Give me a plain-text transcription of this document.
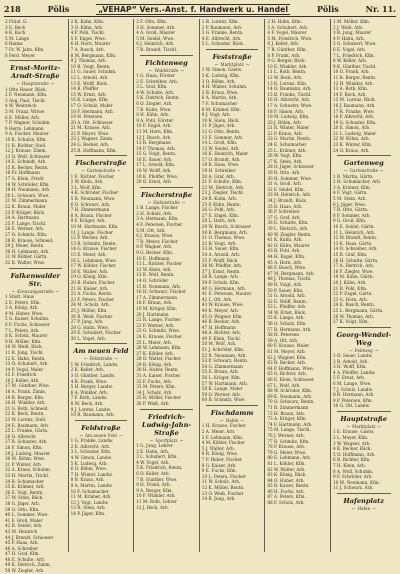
218	Pölis	„VEHAP“ Vers.-Anst. f. Handwerk u. Handel	Pölis	Nr. 11.
2 Fräul. G.
3 E. Beck
4 K. Koch
5 M. Lange
6 Hanns
7 Fr. W. Jahn, Kfm.
8 Ferd. Meyer
Ernst-Moritz-Arndt-Straße
← Hauptstraße →
1 Otto Hauer, Bäck.
2 F. Neumann, Kfm.
3 Aug. Paul, Tischl.
4 W. Weinreich
5 M. Franz, Witwe
6 E. Müller, Arb.
7 P. Wagner, Schuhm.
8 Herm. Lehmann
9 A. Fischer, Maurer
10 K. Schulze, Kfm.
11 B. Richter, Stell.
12 J. Krause, Zimm.
13 O. Wolf, Schlosser
14 E. Schmidt, Arb.
15 R. Becker, Rentn.
16 Fr. Hoffmann
17 G. Klein, Frisör
18 W. Schröder, Kfm.
19 H. Neumann, Arb.
20 L. Schwarz, Wwe.
21 M. Zimmermann
22 K. Braun, Maler
23 P. Krüger, Bäck.
24 A. Hartmann
25 F. Lange, Tischl.
26 E. Werner, Arb.
27 O. Schmitz, Kfm.
28 R. Krause, Schneid.
29 J. Meier, Rentn.
30 H. Lehmann, Arb.
31 W. Köhler, Gärtn.
32 B. Walter, Wwe.
Falkenwalder Str.
← Kreuzungsstraße →
1 Städt. Haus
2 E. Peters, Kfm.
3 A. König, Arb.
4 M. Huber, Wwe.
5 G. Kaiser, Schuhm.
6 F. Fuchs, Schlosser
7 L. Peters, Arb.
8 K. Scholz, Maurer
9 H. Möller, Kfm.
10 W. Weiß, Bäck.
11 R. Jung, Tischl.
12 E. Hahn, Rentn.
13 O. Schubert, Arb.
14 P. Vogel, Maler
15 F. Friedrich
16 J. Keller, Arb.
17 M. Günther, Wwe.
18 A. Frank, Zimm.
19 B. Berger, Kfm.
20 H. Winkler, Arb.
21 G. Roth, Schneid.
22 K. Beck, Rentn.
23 W. Lorenz, Stell.
24 E. Baumann, Arb.
25 L. Franke, Gärtn.
26 O. Albrecht
27 R. Schuster, Arb.
28 F. Simon, Kfm.
29 J. Ludwig, Maurer
30 M. Böhm, Wwe.
31 P. Winter, Arb.
32 A. Kraus, Schuhm.
33 H. Martin, Tischl.
34 B. Schumacher
35 K. Krämer, Arb.
36 E. Vogt, Rentn.
37 W. Stein, Bäck.
38 G. Jäger, Arb.
39 O. Otto, Kfm.
40 L. Sommer, Wwe.
41 F. Groß, Maler
42 R. Seidel, Arb.
43 M. Heinrich
44 J. Brandt, Schlosser
45 P. Haas, Arb.
46 A. Schreiber
47 H. Graf, Kfm.
48 E. Schulte, Arb.
49 K. Dietrich, Zimm.
50 W. Ziegler, Arb.
2 K. Kuhn, Kfm.
3 O. Kühn, Arb.
4 P. Pohl, Tischl.
5 F. Engel, Wwe.
6 H. Horn, Maurer
7 A. Busch, Arb.
8 M. Bergmann, Kfm.
9 J. Thomas, Arb.
10 R. Voigt, Rentn.
11 G. Sauer, Schuhm.
12 L. Arnold, Arb.
13 E. Wolff, Bäck.
14 B. Pfeiffer
15 W. Ernst, Arb.
16 K. Lange, Kfm.
17 O. Schulz, Maler
18 F. Hermann, Arb.
19 H. Petersen
20 A. Ott, Schlosser
21 M. Krause, Arb.
22 P. Meyer, Wwe.
23 J. Wagner, Zimm.
24 G. Becker, Arb.
25 R. Hoffmann, Kfm.
Fischerstraße
← Gartenstraße →
1 E. Richter, Fischer
2 W. Klein, Arb.
3 L. Wolf, Kfm.
4 K. Schröder, Fischer
5 B. Neumann, Wwe.
6 O. Schwarz, Arb.
7 H. Zimmermann
8 A. Braun, Fischer
9 F. Krüger, Arb.
10 M. Hartmann, Kfm.
11 J. Lange, Fischer
12 P. Werner, Arb.
13 R. Schmitz, Rentn.
14 G. Krause, Fischer
15 E. Meier, Arb.
16 L. Lehmann, Wwe.
17 W. Köhler, Fischer
18 K. Walter, Arb.
19 O. König, Kfm.
20 B. Huber, Fischer
21 H. Kaiser, Arb.
22 A. Fuchs, Rentn.
23 F. Peters, Fischer
24 M. Scholz, Arb.
25 J. Möller, Kfm.
26 R. Weiß, Fischer
27 P. Jung, Arb.
28 G. Hahn, Wwe.
29 E. Schubert, Fischer
30 L. Vogel, Arb.
Am neuen Feld
← Feldstraße →
1 W. Friedrich, Landw.
2 K. Keller, Arb.
3 O. Günther, Landw.
4 B. Frank, Wwe.
5 H. Berger, Landw.
6 A. Winkler, Arb.
7 F. Roth, Landw.
8 M. Beck, Arb.
9 J. Lorenz, Landw.
10 R. Baumann, Arb.
Feldstraße
← Am neuen Feld →
1 G. Franke, Landw.
2 E. Albrecht, Arb.
3 L. Schuster, Kfm.
4 W. Simon, Landw.
5 K. Ludwig, Arb.
6 O. Böhm, Wwe.
7 H. Winter, Landw.
8 B. Kraus, Arb.
9 A. Martin, Landw.
10 F. Schumacher
11 M. Krämer, Arb.
12 J. Vogt, Landw.
13 R. Stein, Arb.
14 P. Jäger, Kfm.
2 F. Otto, Kfm.
3 H. Sommer, Arb.
4 A. Groß, Maurer
5 M. Seidel, Wwe.
6 J. Heinrich, Arb.
7 R. Brandt, Tischl.
Fichtenweg
← Waldstraße →
1 G. Haas, Förster
2 E. Schreiber, Arb.
3 L. Graf, Kfm.
4 W. Schulte, Arb.
5 K. Dietrich, Rentn.
6 O. Ziegler, Arb.
7 B. Kuhn, Wwe.
8 H. Kühn, Arb.
9 A. Pohl, Förster
10 F. Engel, Arb.
11 M. Horn, Kfm.
12 J. Busch, Arb.
13 R. Bergmann
14 P. Thomas, Arb.
15 G. Voigt, Rentn.
16 E. Sauer, Arb.
17 L. Arnold, Kfm.
18 W. Wolff, Arb.
19 K. Pfeiffer, Wwe.
20 O. Ernst, Arb.
Fischerstraße
← Hafenstraße →
1 B. Lange, Fischer
2 H. Schulz, Arb.
3 A. Hermann, Kfm.
4 F. Petersen, Fischer
5 M. Ott, Arb.
6 J. Krause, Wwe.
7 R. Meyer, Fischer
8 P. Wagner, Arb.
9 G. Becker, Kfm.
10 E. Hoffmann
11 L. Richter, Fischer
12 W. Klein, Arb.
13 K. Wolf, Rentn.
14 O. Schröder
15 B. Neumann, Arb.
16 H. Schwarz, Fischer
17 A. Zimmermann
18 F. Braun, Arb.
19 M. Krüger, Kfm.
20 J. Hartmann
21 R. Lange, Fischer
22 P. Werner, Arb.
23 G. Schmitz, Wwe.
24 E. Krause, Fischer
25 L. Meier, Arb.
26 W. Lehmann, Kfm.
27 K. Köhler, Arb.
28 O. Walter, Fischer
29 B. König, Arb.
30 H. Huber, Rentn.
31 A. Kaiser, Fischer
32 F. Fuchs, Arb.
33 M. Peters, Kfm.
34 J. Scholz, Arb.
35 R. Möller, Fischer
36 P. Weiß, Arb.
Friedrich-Ludwig-Jahn-Straße
← Sportplatz →
1 G. Jung, Lehrer
2 E. Hahn, Arb.
3 L. Schubert, Kfm.
4 W. Vogel, Arb.
5 K. Friedrich, Rentn.
6 O. Keller, Arb.
7 B. Günther, Wwe.
8 H. Frank, Arb.
9 A. Berger, Kfm.
10 F. Winkler, Arb.
11 M. Roth, Lehrer
12 J. Beck, Arb.
1 R. Lorenz, Kfm.
2 P. Baumann, Arb.
3 G. Franke, Rentn.
4 E. Albrecht, Arb.
5 L. Schuster, Bäck.
Feststraße
← Marktplatz →
1 W. Simon, Gastw.
2 K. Ludwig, Kfm.
3 O. Böhm, Arb.
4 H. Winter, Schuhm.
5 B. Kraus, Wwe.
6 A. Martin, Arb.
7 F. Schumacher
8 M. Krämer, Kfm.
9 J. Vogt, Arb.
10 R. Stein, Bäck.
11 P. Jäger, Arb.
12 G. Otto, Rentn.
13 E. Sommer, Arb.
14 L. Groß, Kfm.
15 W. Seidel, Arb.
16 K. Heinrich, Maler
17 O. Brandt, Arb.
18 B. Haas, Wwe.
19 H. Schreiber
20 A. Graf, Arb.
21 F. Schulte, Kfm.
22 M. Dietrich, Arb.
23 J. Ziegler, Tischl.
24 R. Kuhn, Arb.
25 P. Kühn, Rentn.
26 G. Pohl, Arb.
27 E. Engel, Kfm.
28 L. Horn, Arb.
29 W. Busch, Schlosser
30 K. Bergmann, Arb.
31 O. Thomas, Wwe.
32 B. Voigt, Arb.
33 H. Sauer, Kfm.
34 A. Arnold, Arb.
35 F. Wolff, Bäck.
36 M. Pfeiffer, Arb.
37 J. Ernst, Rentn.
38 R. Lange, Arb.
39 P. Schulz, Kfm.
40 G. Hermann, Arb.
41 E. Petersen, Maurer
42 L. Ott, Arb.
43 W. Krause, Wwe.
44 K. Meyer, Arb.
45 O. Wagner, Kfm.
46 B. Becker, Arb.
47 H. Hoffmann
48 A. Richter, Arb.
49 F. Klein, Tischl.
50 M. Wolf, Arb.
51 J. Schröder, Kfm.
52 R. Neumann, Arb.
53 P. Schwarz, Rentn.
54 G. Zimmermann
55 E. Braun, Arb.
56 L. Krüger, Kfm.
57 W. Hartmann, Arb.
58 K. Lange, Maler
59 O. Werner, Arb.
60 B. Schmitz, Wwe.
Fischdamm
← Hafen →
1 H. Krause, Fischer
2 A. Meier, Arb.
3 F. Lehmann, Kfm.
4 M. Köhler, Fischer
5 J. Walter, Arb.
6 R. König, Wwe.
7 P. Huber, Fischer
8 G. Kaiser, Arb.
9 E. Fuchs, Kfm.
10 L. Peters, Fischer
11 W. Scholz, Arb.
12 K. Möller, Rentn.
13 O. Weiß, Fischer
14 B. Jung, Arb.
2 H. Hahn, Kfm.
3 A. Schubert, Arb.
4 F. Vogel, Maurer
5 M. Friedrich, Wwe.
6 J. Keller, Arb.
7 R. Günther, Kfm.
8 P. Frank, Arb.
9 G. Berger, Bäck.
10 E. Winkler, Arb.
11 L. Roth, Rentn.
12 W. Beck, Arb.
13 K. Lorenz, Kfm.
14 O. Baumann, Arb.
15 B. Franke, Tischl.
16 H. Albrecht, Arb.
17 A. Schuster, Wwe.
18 F. Simon, Arb.
19 M. Ludwig, Kfm.
20 J. Böhm, Arb.
21 R. Winter, Maler
22 P. Kraus, Arb.
23 G. Martin, Rentn.
24 E. Schumacher
25 L. Krämer, Arb.
26 W. Vogt, Kfm.
27 K. Stein, Arb.
28 O. Jäger, Schlosser
29 B. Otto, Arb.
30 H. Sommer, Wwe.
31 A. Groß, Arb.
32 F. Seidel, Kfm.
33 M. Heinrich, Arb.
34 J. Brandt, Bäck.
35 R. Haas, Arb.
36 P. Schreiber
37 G. Graf, Arb.
38 E. Schulte, Kfm.
39 L. Dietrich, Arb.
40 W. Ziegler, Rentn.
41 K. Kuhn, Arb.
42 O. Kühn, Maurer
43 B. Pohl, Arb.
44 H. Engel, Kfm.
45 A. Horn, Arb.
46 F. Busch, Wwe.
47 M. Bergmann, Arb.
48 J. Thomas, Tischl.
49 R. Voigt, Arb.
50 P. Sauer, Kfm.
51 G. Arnold, Arb.
52 E. Wolff, Rentn.
53 L. Pfeiffer, Arb.
54 W. Ernst, Bäck.
55 K. Lange, Arb.
56 O. Schulz, Kfm.
57 B. Hermann, Arb.
58 H. Petersen
59 A. Ott, Arb.
60 F. Krause, Maler
61 M. Meyer, Arb.
62 J. Wagner, Kfm.
63 R. Becker, Arb.
64 P. Hoffmann, Wwe.
65 G. Richter, Arb.
66 E. Klein, Schlosser
67 L. Wolf, Arb.
68 W. Schröder, Kfm.
69 K. Neumann, Arb.
70 O. Schwarz, Rentn.
71 B. Zimmermann
72 H. Braun, Arb.
73 A. Krüger, Kfm.
74 F. Hartmann, Arb.
75 M. Lange, Tischl.
76 J. Werner, Arb.
77 R. Schmitz, Kfm.
78 P. Krause, Arb.
79 G. Meier, Wwe.
80 E. Lehmann, Arb.
81 L. Köhler, Kfm.
82 W. Walter, Arb.
83 K. König, Bäck.
84 O. Huber, Arb.
85 B. Kaiser, Rentn.
86 H. Fuchs, Arb.
87 A. Peters, Kfm.
88 F. Scholz, Arb.
1 M. Möller, Kfm.
2 J. Weiß, Arb.
3 R. Jung, Maurer
4 P. Hahn, Arb.
5 G. Schubert, Wwe.
6 E. Vogel, Arb.
7 L. Friedrich, Kfm.
8 W. Keller, Arb.
9 K. Günther, Tischl.
10 O. Frank, Arb.
11 B. Berger, Rentn.
12 H. Winkler, Arb.
13 A. Roth, Kfm.
14 F. Beck, Arb.
15 M. Lorenz, Bäck.
16 J. Baumann, Arb.
17 R. Franke, Wwe.
18 P. Albrecht, Arb.
19 G. Schuster, Kfm.
20 E. Simon, Arb.
21 L. Ludwig, Maler
22 W. Böhm, Arb.
23 K. Winter, Kfm.
24 O. Kraus, Arb.
Gartenweg
← Gartenstraße →
1 B. Martin, Gärtn.
2 H. Schumacher, Arb.
3 A. Krämer, Kfm.
4 F. Vogt, Gärtn.
5 M. Stein, Arb.
6 J. Jäger, Wwe.
7 R. Otto, Gärtn.
8 P. Sommer, Arb.
9 G. Groß, Kfm.
10 E. Seidel, Gärtn.
11 L. Heinrich, Arb.
12 W. Brandt, Rentn.
13 K. Haas, Gärtn.
14 O. Schreiber, Arb.
15 B. Graf, Kfm.
16 H. Schulte, Gärtn.
17 A. Dietrich, Arb.
18 F. Ziegler, Wwe.
19 M. Kuhn, Gärtn.
20 J. Kühn, Arb.
21 R. Pohl, Kfm.
22 P. Engel, Gärtn.
23 G. Horn, Arb.
24 E. Busch, Rentn.
25 L. Bergmann, Gärtn.
26 W. Thomas, Arb.
27 K. Voigt, Kfm.
Georg-Wendel-Weg
← Feldweg →
1 O. Sauer, Landw.
2 B. Arnold, Arb.
3 H. Wolff, Kfm.
4 A. Pfeiffer, Landw.
5 F. Ernst, Arb.
6 M. Lange, Wwe.
7 J. Schulz, Landw.
8 R. Hermann, Arb.
9 P. Petersen, Kfm.
10 G. Ott, Landw.
Hauptstraße
← Marktplatz →
1 E. Krause, Gastw.
2 L. Meyer, Kfm.
3 W. Wagner, Arb.
4 K. Becker, Bäck.
5 O. Hoffmann, Arb.
6 B. Richter, Kfm.
7 H. Klein, Arb.
8 A. Wolf, Schuhm.
9 F. Schröder, Arb.
10 M. Neumann, Kfm.
11 J. Schwarz, Arb.
Hafenplatz
← Hafen →
